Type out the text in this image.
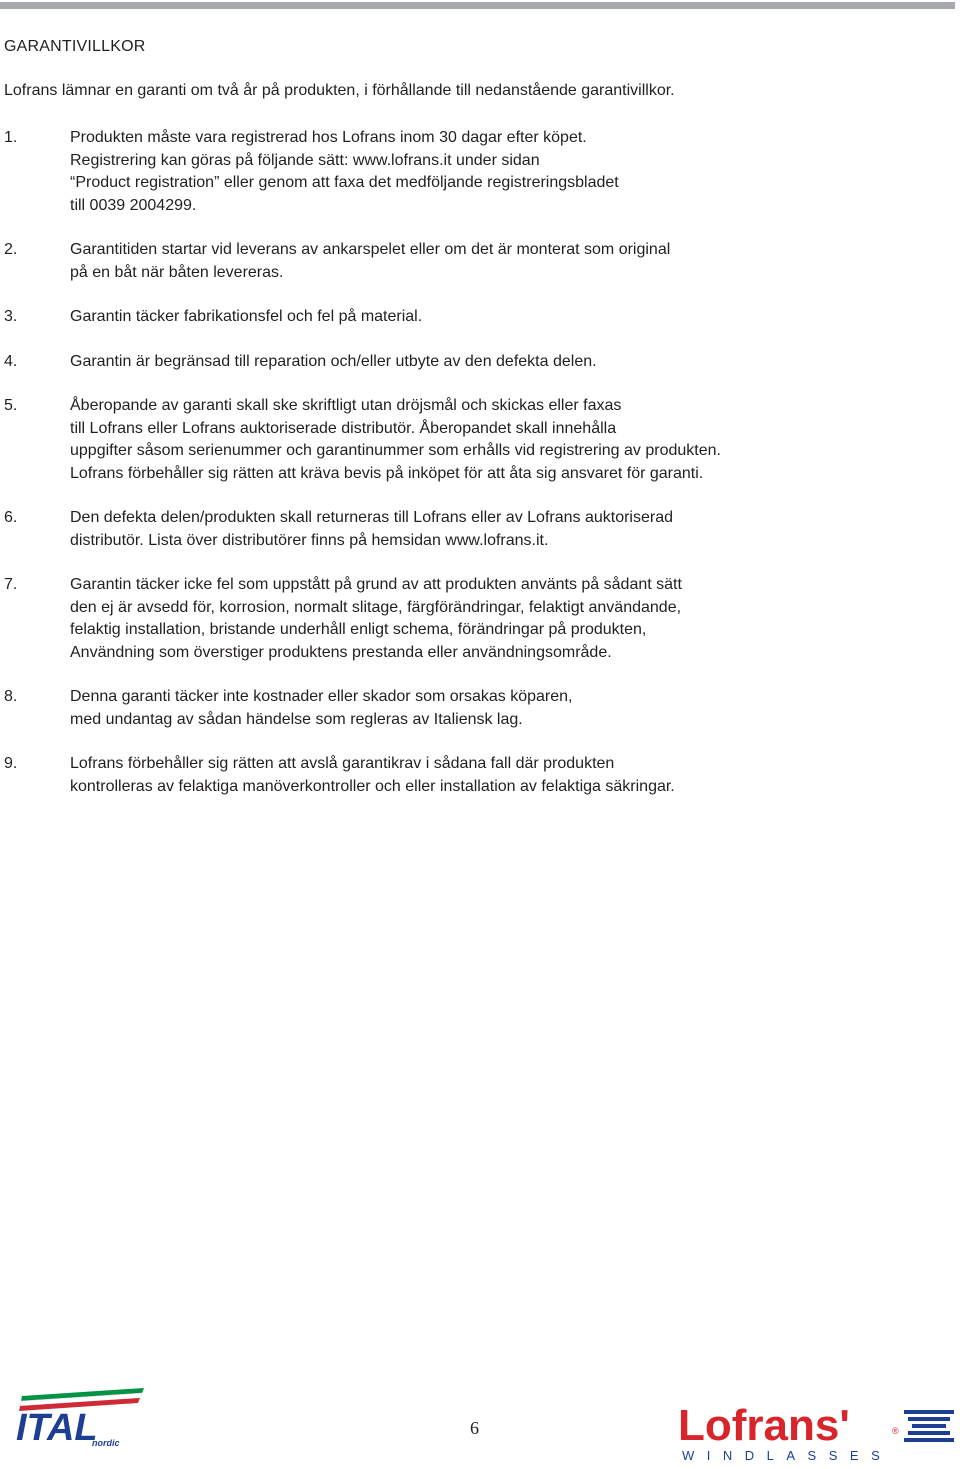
GARANTIVILLKOR
Lofrans lämnar en garanti om två år på produkten, i förhållande till nedanstående garantivillkor.
1.	Produkten måste vara registrerad hos Lofrans inom 30 dagar efter köpet.
Registrering kan göras på följande sätt: www.lofrans.it under sidan
“Product registration” eller genom att faxa det medföljande registreringsbladet
till 0039 2004299.
2.	Garantitiden startar vid leverans av ankarspelet eller om det är monterat som original
på en båt när båten levereras.
3.	Garantin täcker fabrikationsfel och fel på material.
4.	Garantin är begränsad till reparation och/eller utbyte av den defekta delen.
5.	Åberopande av garanti skall ske skriftligt utan dröjsmål och skickas eller faxas
till Lofrans eller Lofrans auktoriserade distributör. Åberopandet skall innehålla
uppgifter såsom serienummer och garantinummer som erhålls vid registrering av produkten.
Lofrans förbehåller sig rätten att kräva bevis på inköpet för att åta sig ansvaret för garanti.
6.	Den defekta delen/produkten skall returneras till Lofrans eller av Lofrans auktoriserad
distributör. Lista över distributörer finns på hemsidan www.lofrans.it.
7.	Garantin täcker icke fel som uppstått på grund av att produkten använts på sådant sätt
den ej är avsedd för, korrosion, normalt slitage, färgförändringar, felaktigt användande,
felaktig installation, bristande underhåll enligt schema, förändringar på produkten,
Användning som överstiger produktens prestanda eller användningsområde.
8.	Denna garanti täcker inte kostnader eller skador som orsakas köparen,
med undantag av sådan händelse som regleras av Italiensk lag.
9.	Lofrans förbehåller sig rätten att avslå garantikrav i sådana fall där produkten
kontrolleras av felaktiga manöverkontroller och eller installation av felaktiga säkringar.
ITAL
nordic
6	Lofrans'	®
WINDLASSES
